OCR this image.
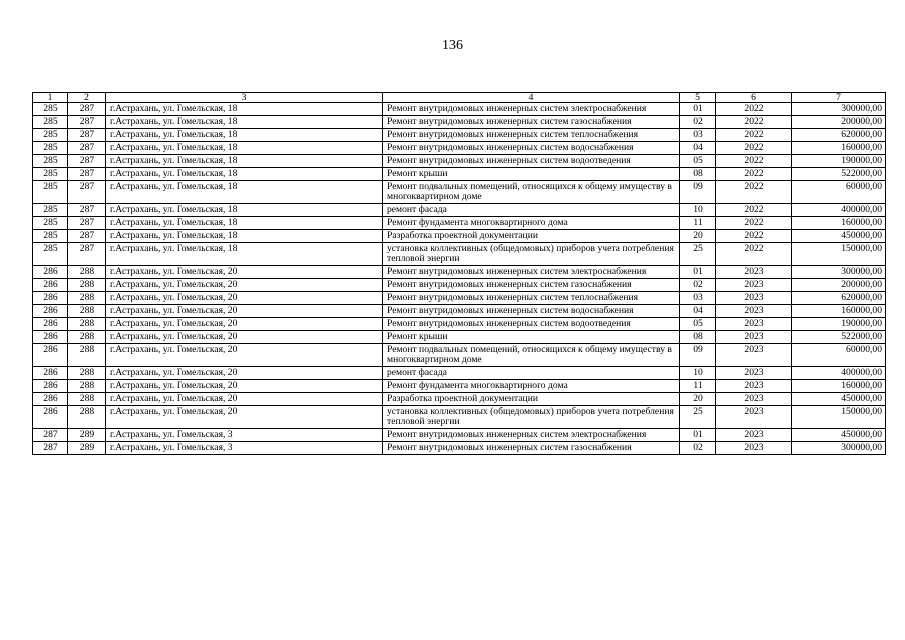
136
1	2	3	4	5	6	7
285	287	г.Астрахань, ул. Гомельская, 18	Ремонт внутридомовых инженерных систем электроснабжения	01	2022	300000,00
285	287	г.Астрахань, ул. Гомельская, 18	Ремонт внутридомовых инженерных систем газоснабжения	02	2022	200000,00
285	287	г.Астрахань, ул. Гомельская, 18	Ремонт внутридомовых инженерных систем теплоснабжения	03	2022	620000,00
285	287	г.Астрахань, ул. Гомельская, 18	Ремонт внутридомовых инженерных систем водоснабжения	04	2022	160000,00
285	287	г.Астрахань, ул. Гомельская, 18	Ремонт внутридомовых инженерных систем водоотведения	05	2022	190000,00
285	287	г.Астрахань, ул. Гомельская, 18	Ремонт крыши	08	2022	522000,00
285	287	г.Астрахань, ул. Гомельская, 18	Ремонт подвальных помещений, относящихся к общему имуществу в многоквартирном доме	09	2022	60000,00
285	287	г.Астрахань, ул. Гомельская, 18	ремонт фасада	10	2022	400000,00
285	287	г.Астрахань, ул. Гомельская, 18	Ремонт фундамента многоквартирного дома	11	2022	160000,00
285	287	г.Астрахань, ул. Гомельская, 18	Разработка проектной документации	20	2022	450000,00
285	287	г.Астрахань, ул. Гомельская, 18	установка коллективных (общедомовых) приборов учета потребления тепловой энергии	25	2022	150000,00
286	288	г.Астрахань, ул. Гомельская, 20	Ремонт внутридомовых инженерных систем электроснабжения	01	2023	300000,00
286	288	г.Астрахань, ул. Гомельская, 20	Ремонт внутридомовых инженерных систем газоснабжения	02	2023	200000,00
286	288	г.Астрахань, ул. Гомельская, 20	Ремонт внутридомовых инженерных систем теплоснабжения	03	2023	620000,00
286	288	г.Астрахань, ул. Гомельская, 20	Ремонт внутридомовых инженерных систем водоснабжения	04	2023	160000,00
286	288	г.Астрахань, ул. Гомельская, 20	Ремонт внутридомовых инженерных систем водоотведения	05	2023	190000,00
286	288	г.Астрахань, ул. Гомельская, 20	Ремонт крыши	08	2023	522000,00
286	288	г.Астрахань, ул. Гомельская, 20	Ремонт подвальных помещений, относящихся к общему имуществу в многоквартирном доме	09	2023	60000,00
286	288	г.Астрахань, ул. Гомельская, 20	ремонт фасада	10	2023	400000,00
286	288	г.Астрахань, ул. Гомельская, 20	Ремонт фундамента многоквартирного дома	11	2023	160000,00
286	288	г.Астрахань, ул. Гомельская, 20	Разработка проектной документации	20	2023	450000,00
286	288	г.Астрахань, ул. Гомельская, 20	установка коллективных (общедомовых) приборов учета потребления тепловой энергии	25	2023	150000,00
287	289	г.Астрахань, ул. Гомельская, 3	Ремонт внутридомовых инженерных систем электроснабжения	01	2023	450000,00
287	289	г.Астрахань, ул. Гомельская, 3	Ремонт внутридомовых инженерных систем газоснабжения	02	2023	300000,00
